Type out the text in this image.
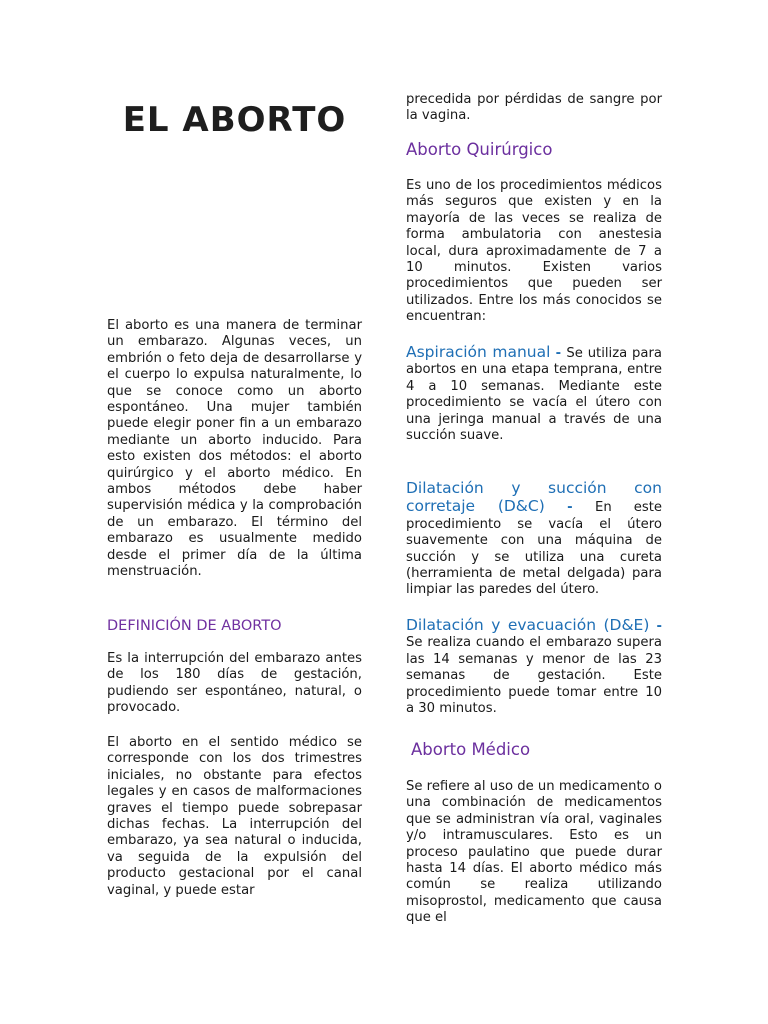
EL ABORTO

El aborto es una manera de terminar un embarazo. Algunas veces, un embrión o feto deja de desarrollarse y el cuerpo lo expulsa naturalmente, lo que se conoce como un aborto espontáneo. Una mujer también puede elegir poner fin a un embarazo mediante un aborto inducido. Para esto existen dos métodos: el aborto quirúrgico y el aborto médico. En ambos métodos debe haber supervisión médica y la comprobación de un embarazo. El término del embarazo es usualmente medido desde el primer día de la última menstruación.

DEFINICIÓN DE ABORTO

Es la interrupción del embarazo antes de los 180 días de gestación, pudiendo ser espontáneo, natural, o provocado.

El aborto en el sentido médico se corresponde con los dos trimestres iniciales, no obstante para efectos legales y en casos de malformaciones graves el tiempo puede sobrepasar dichas fechas. La interrupción del embarazo, ya sea natural o inducida, va seguida de la expulsión del producto gestacional por el canal vaginal, y puede estar

precedida por pérdidas de sangre por la vagina.

Aborto Quirúrgico

Es uno de los procedimientos médicos más seguros que existen y en la mayoría de las veces se realiza de forma ambulatoria con anestesia local, dura aproximadamente de 7 a 10 minutos. Existen varios procedimientos que pueden ser utilizados. Entre los más conocidos se encuentran:

Aspiración manual - Se utiliza para abortos en una etapa temprana, entre 4 a 10 semanas. Mediante este procedimiento se vacía el útero con una jeringa manual a través de una succión suave.

Dilatación y succión con corretaje (D&C) - En este procedimiento se vacía el útero suavemente con una máquina de succión y se utiliza una cureta (herramienta de metal delgada) para limpiar las paredes del útero.

Dilatación y evacuación (D&E) - Se realiza cuando el embarazo supera las 14 semanas y menor de las 23 semanas de gestación. Este procedimiento puede tomar entre 10 a 30 minutos.

Aborto Médico

Se refiere al uso de un medicamento o una combinación de medicamentos que se administran vía oral, vaginales y/o intramusculares. Esto es un proceso paulatino que puede durar hasta 14 días. El aborto médico más común se realiza utilizando misoprostol, medicamento que causa que el
